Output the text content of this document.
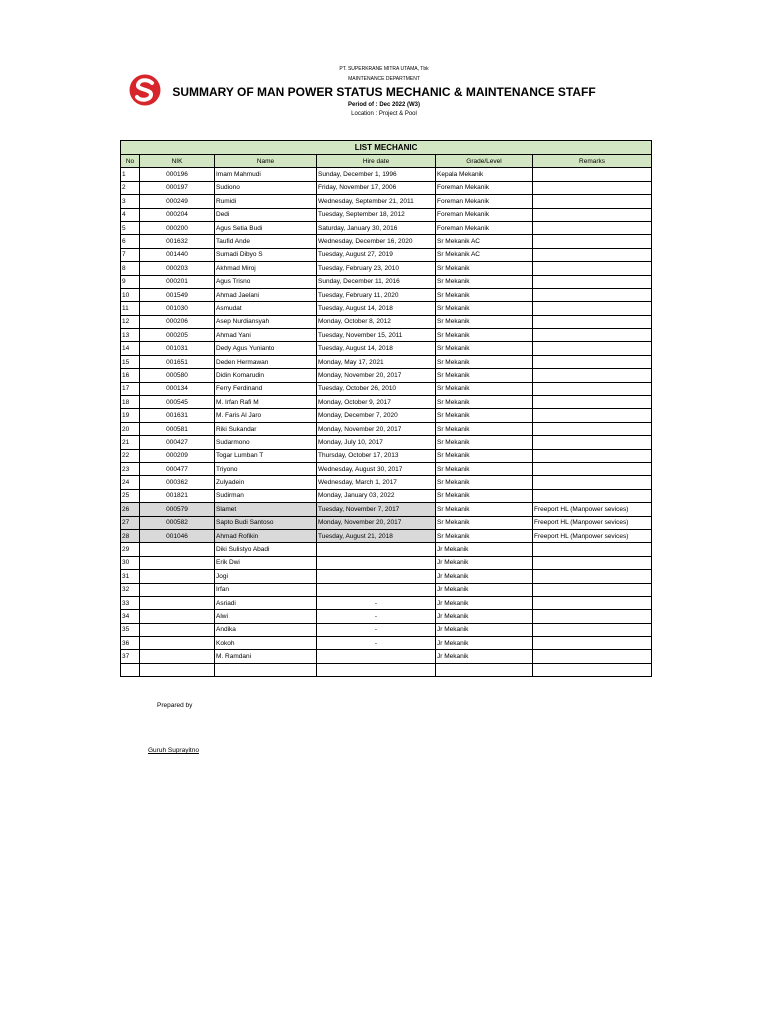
PT. SUPERKRANE MITRA UTAMA, Tbk
MAINTENANCE DEPARTMENT
SUMMARY OF MAN POWER STATUS MECHANIC & MAINTENANCE STAFF
Period of : Dec 2022 (W3)
Location : Project & Pool
LIST MECHANIC					
No	NIK	Name	Hire date	Grade/Level	Remarks
1	000196	Imam Mahmudi	Sunday, December 1, 1996	Kepala Mekanik	
2	000197	Sudiono	Friday, November 17, 2006	Foreman Mekanik	
3	000249	Rumidi	Wednesday, September 21, 2011	Foreman Mekanik	
4	000204	Dedi	Tuesday, September 18, 2012	Foreman Mekanik	
5	000200	Agus Setia Budi	Saturday, January 30, 2016	Foreman Mekanik	
6	001632	Taufid Ande	Wednesday, December 16, 2020	Sr Mekanik AC	
7	001440	Sumadi Dibyo S	Tuesday, August 27, 2019	Sr Mekanik AC	
8	000203	Akhmad Miroj	Tuesday, February 23, 2010	Sr Mekanik	
9	000201	Agus Trisno	Sunday, December 11, 2016	Sr Mekanik	
10	001549	Ahmad Jaelani	Tuesday, February 11, 2020	Sr Mekanik	
11	001030	Asmudat	Tuesday, August 14, 2018	Sr Mekanik	
12	000206	Asep Nurdiansyah	Monday, October 8, 2012	Sr Mekanik	
13	000205	Ahmad Yani	Tuesday, November 15, 2011	Sr Mekanik	
14	001031	Dedy Agus Yunianto	Tuesday, August 14, 2018	Sr Mekanik	
15	001651	Deden Hermawan	Monday, May 17, 2021	Sr Mekanik	
16	000580	Didin Komarudin	Monday, November 20, 2017	Sr Mekanik	
17	000134	Ferry Ferdinand	Tuesday, October 26, 2010	Sr Mekanik	
18	000545	M. Irfan Rafi M	Monday, October 9, 2017	Sr Mekanik	
19	001631	M. Faris Al Jaro	Monday, December 7, 2020	Sr Mekanik	
20	000581	Riki Sukandar	Monday, November 20, 2017	Sr Mekanik	
21	000427	Sudarmono	Monday, July 10, 2017	Sr Mekanik	
22	000209	Togar Lumban T	Thursday, October 17, 2013	Sr Mekanik	
23	000477	Triyono	Wednesday, August 30, 2017	Sr Mekanik	
24	000362	Zulyadein	Wednesday, March 1, 2017	Sr Mekanik	
25	001821	Sudirman	Monday, January 03, 2022	Sr Mekanik	
26	000579	Slamet	Tuesday, November 7, 2017	Sr Mekanik	Freeport HL (Manpower sevices)
27	000582	Sapto Budi Santoso	Monday, November 20, 2017	Sr Mekanik	Freeport HL (Manpower sevices)
28	001046	Ahmad Rofikin	Tuesday, August 21, 2018	Sr Mekanik	Freeport HL (Manpower sevices)
29		Diki Sulistyo Abadi		Jr Mekanik	
30		Erik Dwi		Jr Mekanik	
31		Jogi		Jr Mekanik	
32		Irfan		Jr Mekanik	
33		Asriadi	-	Jr Mekanik	
34		Alwi	-	Jr Mekanik	
35		Andika	-	Jr Mekanik	
36		Kokoh	-	Jr Mekanik	
37		M. Ramdani		Jr Mekanik	

Prepared by
Guruh Suprayitno
